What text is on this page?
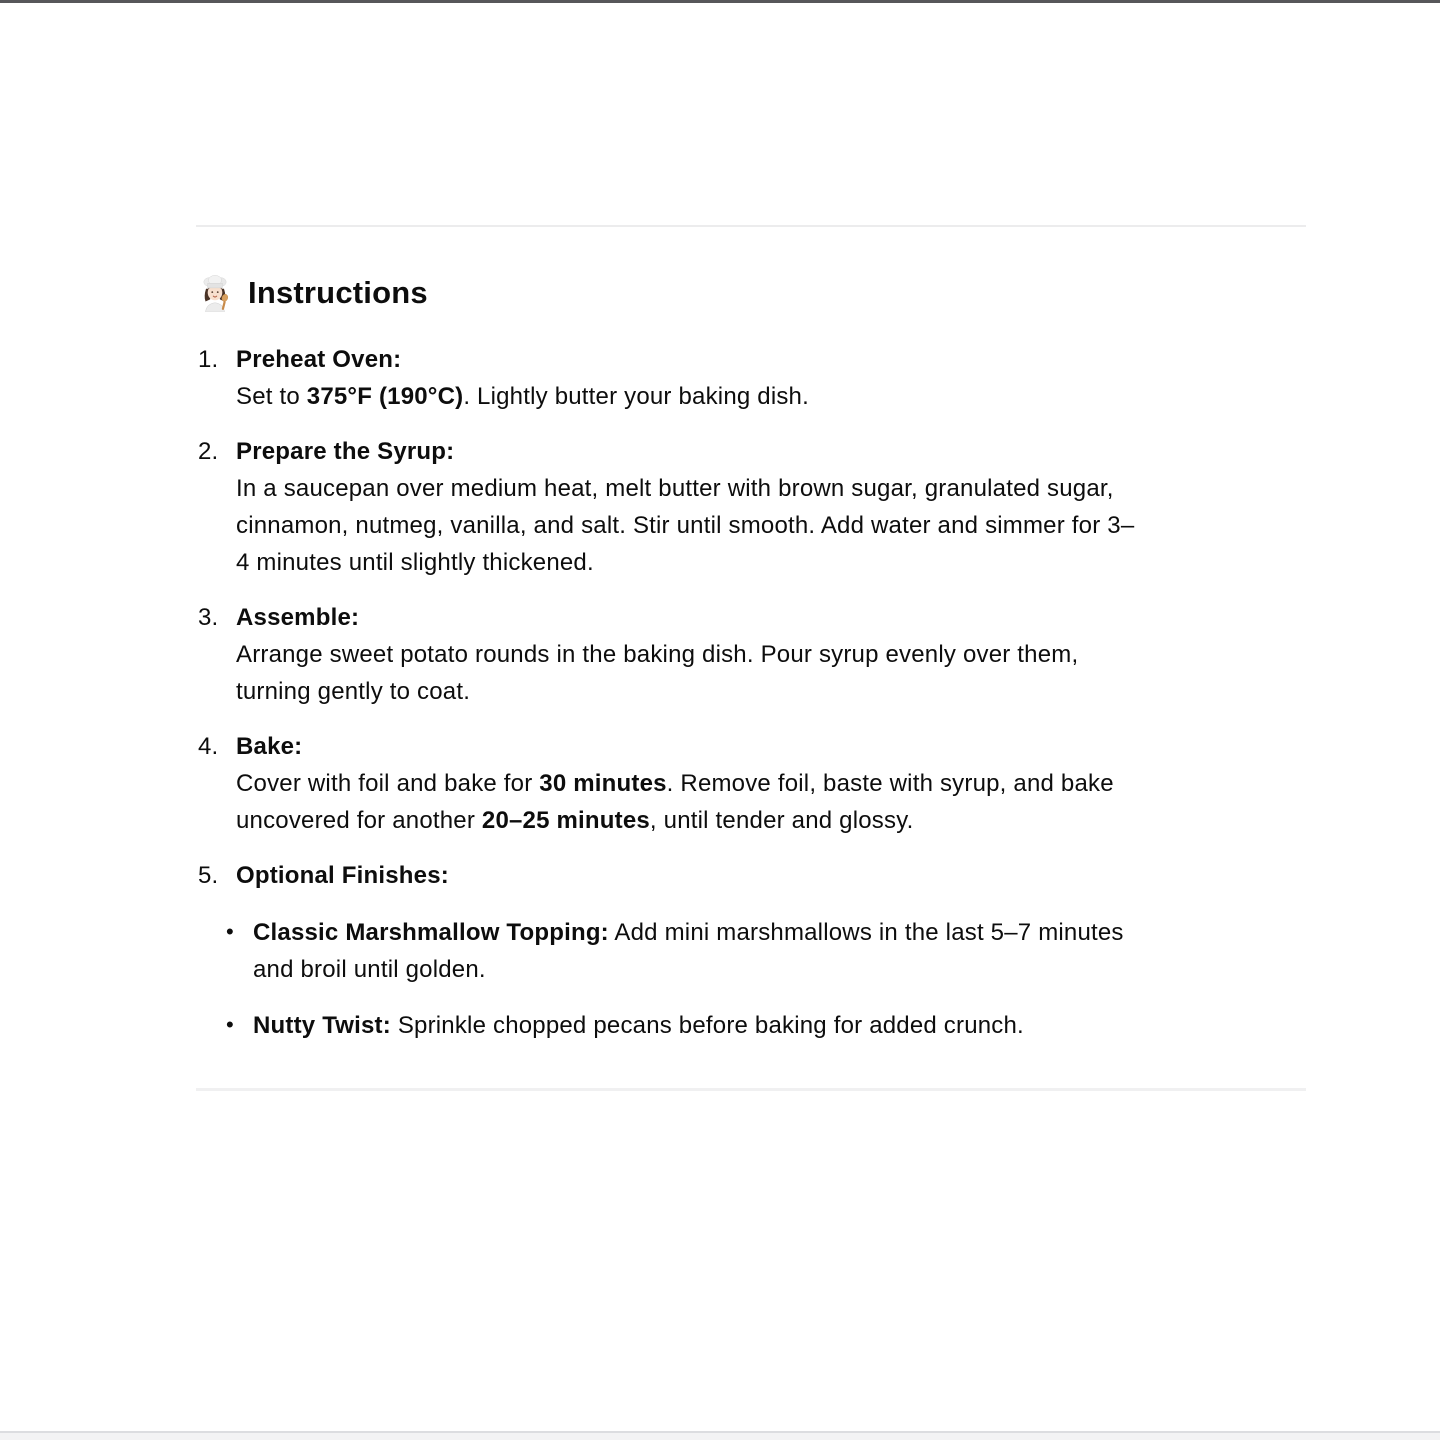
Instructions
1. Preheat Oven:
Set to 375°F (190°C). Lightly butter your baking dish.
2. Prepare the Syrup:
In a saucepan over medium heat, melt butter with brown sugar, granulated sugar,
cinnamon, nutmeg, vanilla, and salt. Stir until smooth. Add water and simmer for 3–
4 minutes until slightly thickened.
3. Assemble:
Arrange sweet potato rounds in the baking dish. Pour syrup evenly over them,
turning gently to coat.
4. Bake:
Cover with foil and bake for 30 minutes. Remove foil, baste with syrup, and bake
uncovered for another 20–25 minutes, until tender and glossy.
5. Optional Finishes:
• Classic Marshmallow Topping: Add mini marshmallows in the last 5–7 minutes
and broil until golden.
• Nutty Twist: Sprinkle chopped pecans before baking for added crunch.
